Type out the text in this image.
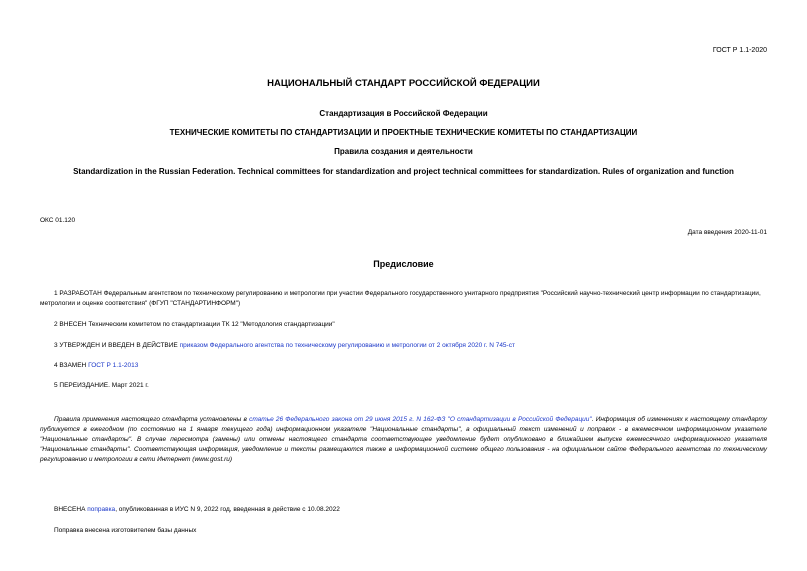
ГОСТ Р 1.1-2020
НАЦИОНАЛЬНЫЙ СТАНДАРТ РОССИЙСКОЙ ФЕДЕРАЦИИ
Стандартизация в Российской Федерации
ТЕХНИЧЕСКИЕ КОМИТЕТЫ ПО СТАНДАРТИЗАЦИИ И ПРОЕКТНЫЕ ТЕХНИЧЕСКИЕ КОМИТЕТЫ ПО СТАНДАРТИЗАЦИИ
Правила создания и деятельности
Standardization in the Russian Federation. Technical committees for standardization and project technical committees for standardization. Rules of organization and function
ОКС 01.120
Дата введения 2020-11-01
Предисловие
1 РАЗРАБОТАН Федеральным агентством по техническому регулированию и метрологии при участии Федерального государственного унитарного предприятия "Российский научно-технический центр информации по стандартизации, метрологии и оценке соответствия" (ФГУП "СТАНДАРТИНФОРМ")
2 ВНЕСЕН Техническим комитетом по стандартизации ТК 12 "Методология стандартизации"
3 УТВЕРЖДЕН И ВВЕДЕН В ДЕЙСТВИЕ приказом Федерального агентства по техническому регулированию и метрологии от 2 октября 2020 г. N 745-ст
4 ВЗАМЕН ГОСТ Р 1.1-2013
5 ПЕРЕИЗДАНИЕ. Март 2021 г.
Правила применения настоящего стандарта установлены в статье 26 Федерального закона от 29 июня 2015 г. N 162-ФЗ "О стандартизации в Российской Федерации". Информация об изменениях к настоящему стандарту публикуется в ежегодном (по состоянию на 1 января текущего года) информационном указателе "Национальные стандарты", а официальный текст изменений и поправок - в ежемесячном информационном указателе "Национальные стандарты". В случае пересмотра (замены) или отмены настоящего стандарта соответствующее уведомление будет опубликовано в ближайшем выпуске ежемесячного информационного указателя "Национальные стандарты". Соответствующая информация, уведомление и тексты размещаются также в информационной системе общего пользования - на официальном сайте Федерального агентства по техническому регулированию и метрологии в сети Интернет (www.gost.ru)
ВНЕСЕНА поправка, опубликованная в ИУС N 9, 2022 год, введенная в действие с 10.08.2022
Поправка внесена изготовителем базы данных
